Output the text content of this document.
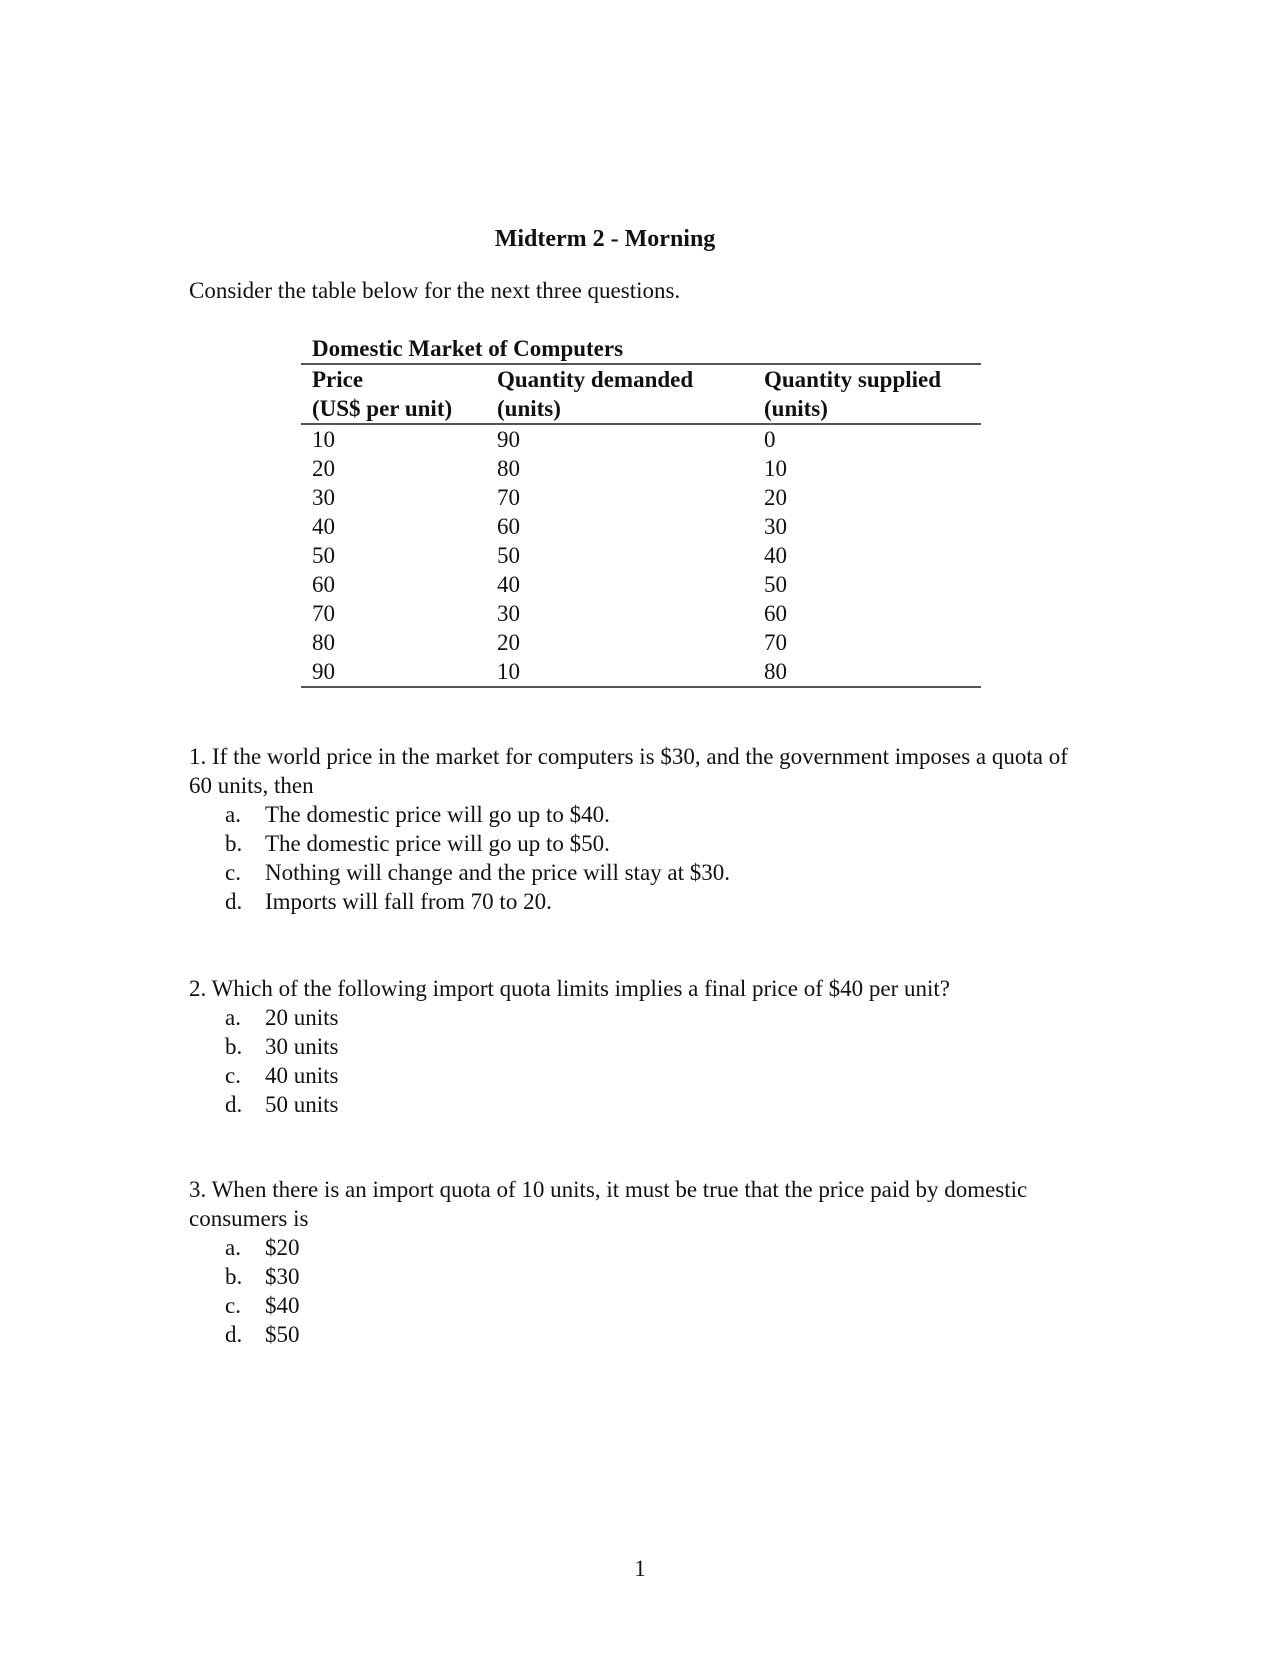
Midterm 2 - Morning

Consider the table below for the next three questions.

Domestic Market of Computers
Price	Quantity demanded	Quantity supplied
(US$ per unit)	(units)	(units)
10	90	0
20	80	10
30	70	20
40	60	30
50	50	40
60	40	50
70	30	60
80	20	70
90	10	80

1. If the world price in the market for computers is $30, and the government imposes a quota of 60 units, then

a.	The domestic price will go up to $40.
b. The domestic price will go up to $50.
c.	Nothing will change and the price will stay at $30.
d. Imports will fall from 70 to 20.

2. Which of the following import quota limits implies a final price of $40 per unit?

a.	20 units
b. 30 units
c.	40 units
d. 50 units

3. When there is an import quota of 10 units, it must be true that the price paid by domestic consumers is

a.	$20
b. $30
c.	$40
d. $50

1
